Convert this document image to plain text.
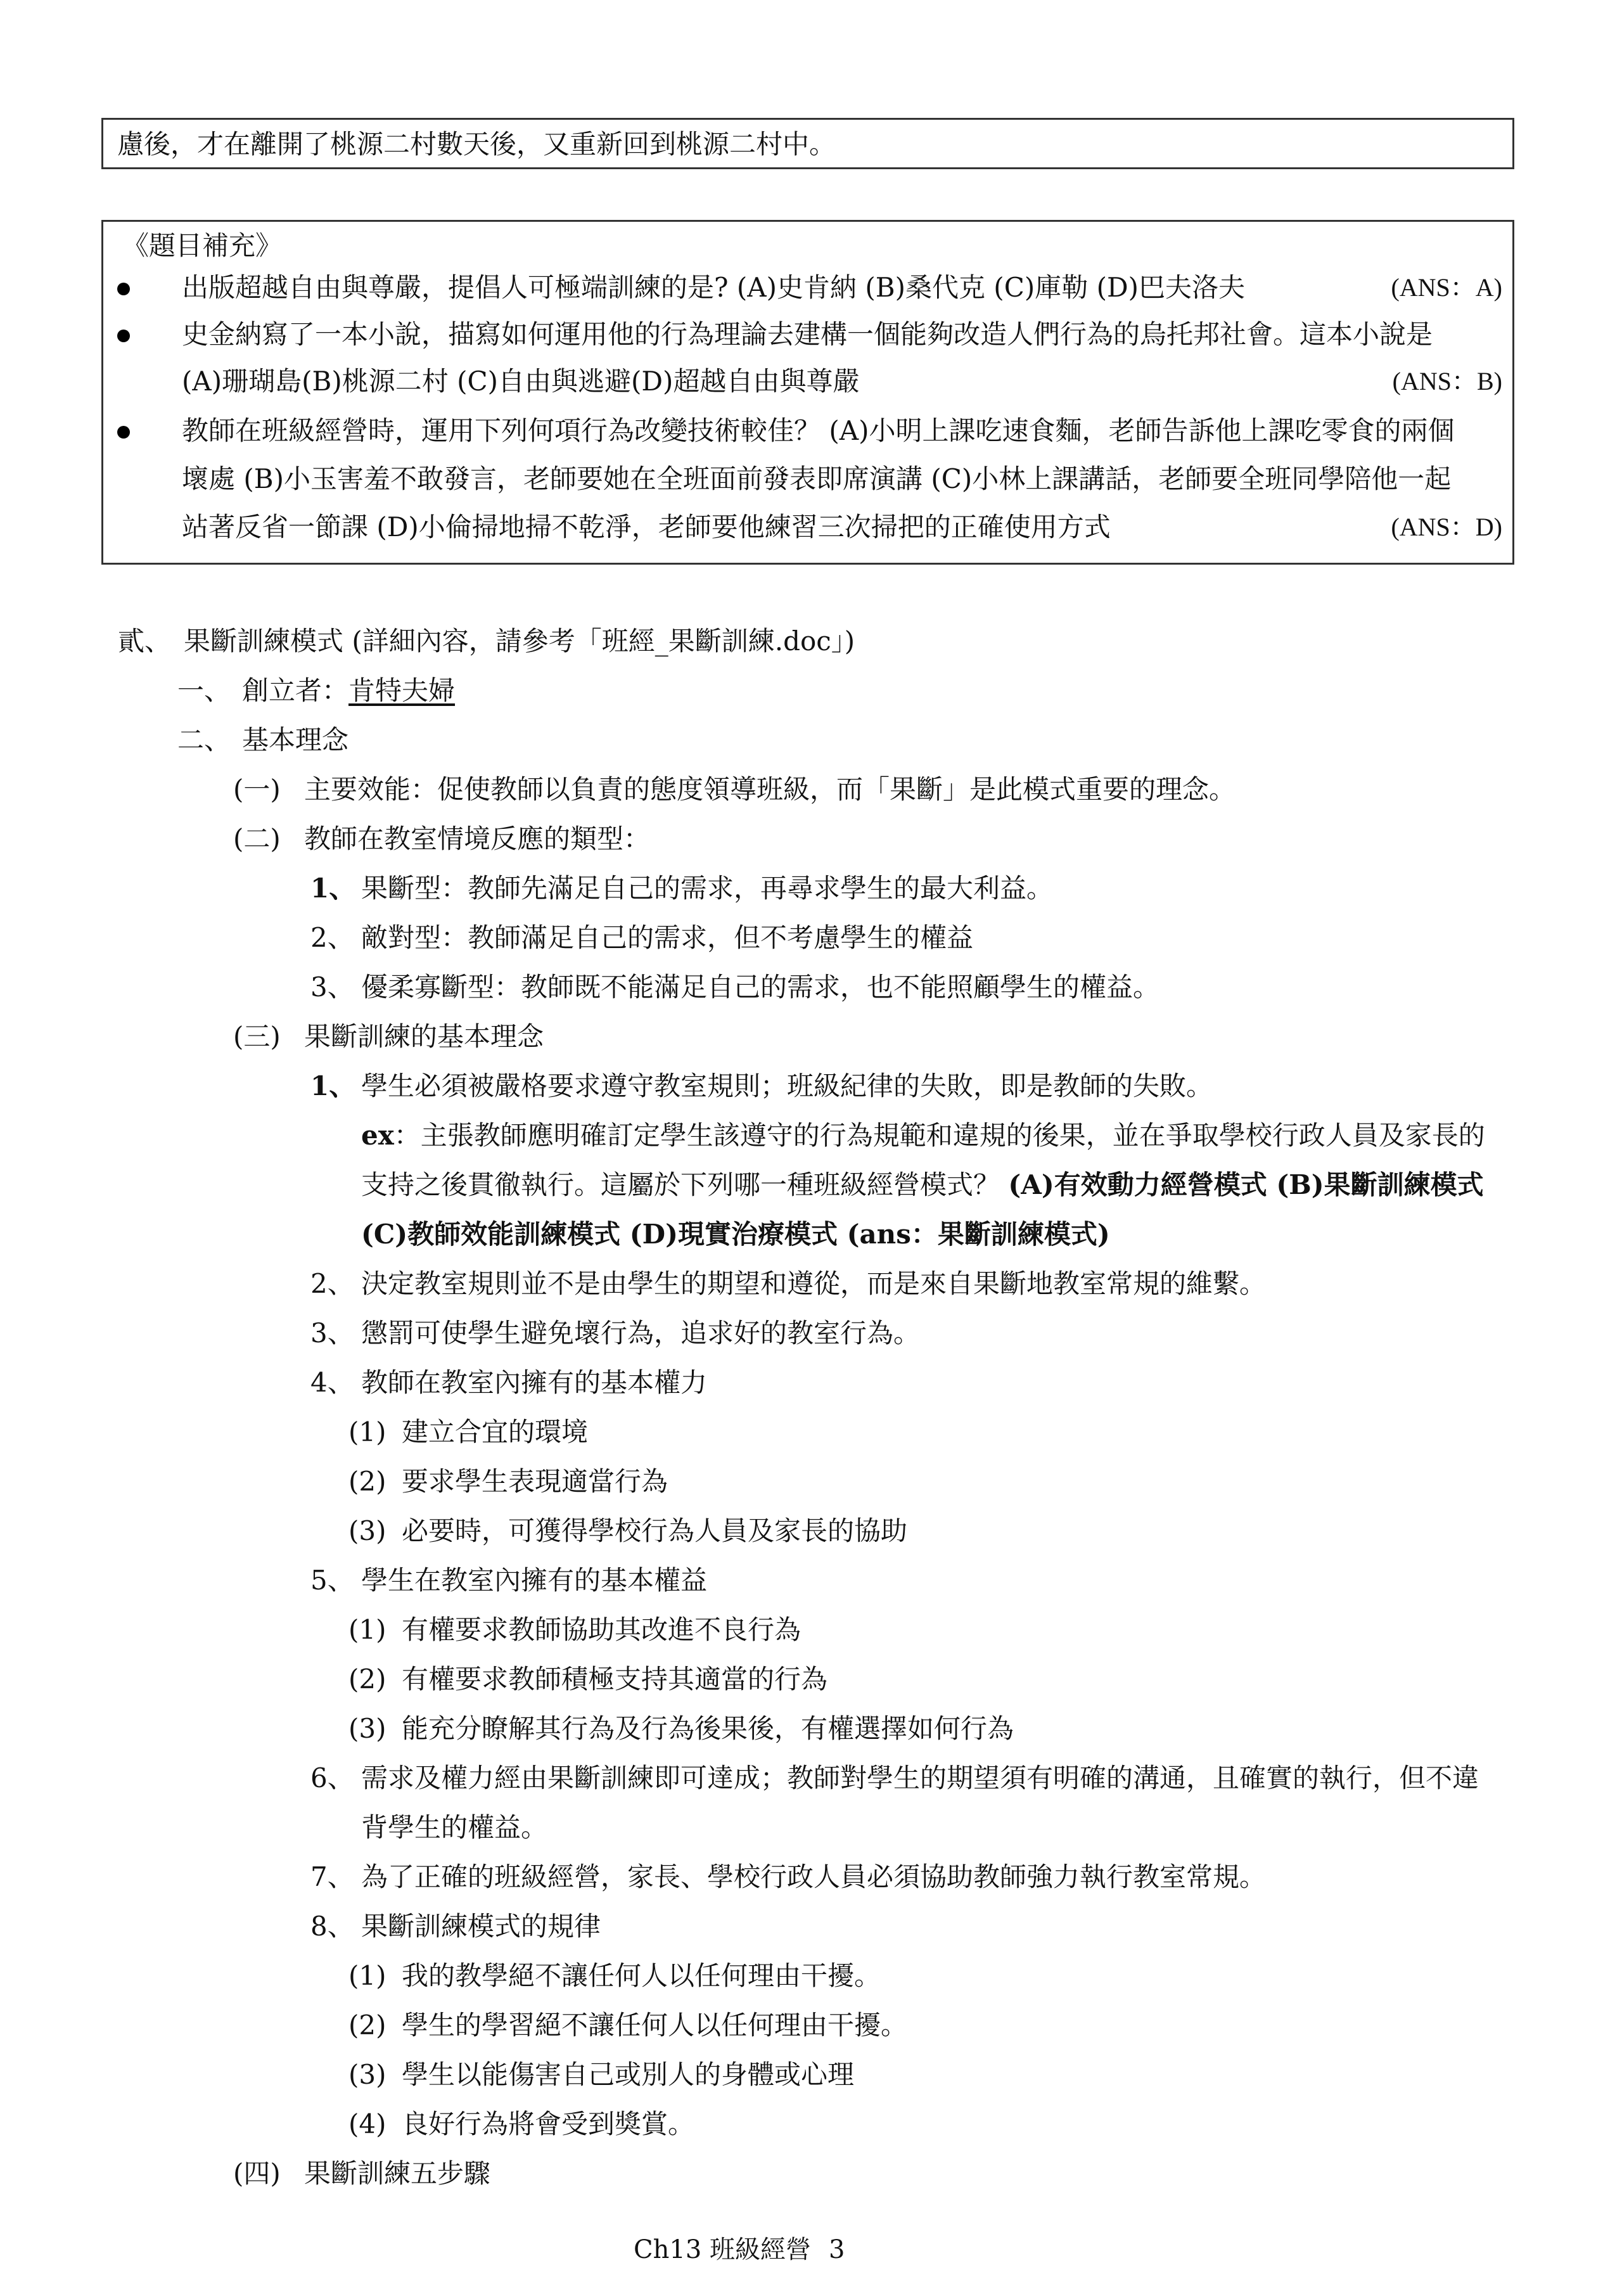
慮後，才在離開了桃源二村數天後，又重新回到桃源二村中。
《題目補充》
出版超越自由與尊嚴，提倡人可極端訓練的是? (A)史肯納 (B)桑代克 (C)庫勒 (D)巴夫洛夫	(ANS：A)
史金納寫了一本小說，描寫如何運用他的行為理論去建構一個能夠改造人們行為的烏托邦社會。這本小說是
(A)珊瑚島(B)桃源二村 (C)自由與逃避(D)超越自由與尊嚴	(ANS：B)
教師在班級經營時，運用下列何項行為改變技術較佳？ (A)小明上課吃速食麵，老師告訴他上課吃零食的兩個
壞處 (B)小玉害羞不敢發言，老師要她在全班面前發表即席演講 (C)小林上課講話，老師要全班同學陪他一起
站著反省一節課 (D)小倫掃地掃不乾淨，老師要他練習三次掃把的正確使用方式	(ANS：D)
貳、 果斷訓練模式 (詳細內容，請參考「班經_果斷訓練.doc」)
一、 創立者：肯特夫婦
二、 基本理念
(一) 主要效能：促使教師以負責的態度領導班級，而「果斷」是此模式重要的理念。
(二) 教師在教室情境反應的類型：
1、 果斷型：教師先滿足自己的需求，再尋求學生的最大利益。
2、 敵對型：教師滿足自己的需求，但不考慮學生的權益
3、 優柔寡斷型：教師既不能滿足自己的需求，也不能照顧學生的權益。
(三) 果斷訓練的基本理念
1、 學生必須被嚴格要求遵守教室規則；班級紀律的失敗，即是教師的失敗。
ex：主張教師應明確訂定學生該遵守的行為規範和違規的後果，並在爭取學校行政人員及家長的
支持之後貫徹執行。這屬於下列哪一種班級經營模式？ (A)有效動力經營模式 (B)果斷訓練模式
(C)教師效能訓練模式 (D)現實治療模式 (ans：果斷訓練模式)
2、 決定教室規則並不是由學生的期望和遵從，而是來自果斷地教室常規的維繫。
3、 懲罰可使學生避免壞行為，追求好的教室行為。
4、 教師在教室內擁有的基本權力
(1) 建立合宜的環境
(2) 要求學生表現適當行為
(3) 必要時，可獲得學校行為人員及家長的協助
5、 學生在教室內擁有的基本權益
(1) 有權要求教師協助其改進不良行為
(2) 有權要求教師積極支持其適當的行為
(3) 能充分瞭解其行為及行為後果後，有權選擇如何行為
6、 需求及權力經由果斷訓練即可達成；教師對學生的期望須有明確的溝通，且確實的執行，但不違
背學生的權益。
7、 為了正確的班級經營，家長、學校行政人員必須協助教師強力執行教室常規。
8、 果斷訓練模式的規律
(1) 我的教學絕不讓任何人以任何理由干擾。
(2) 學生的學習絕不讓任何人以任何理由干擾。
(3) 學生以能傷害自己或別人的身體或心理
(4) 良好行為將會受到獎賞。
(四) 果斷訓練五步驟
Ch13 班級經營 3
